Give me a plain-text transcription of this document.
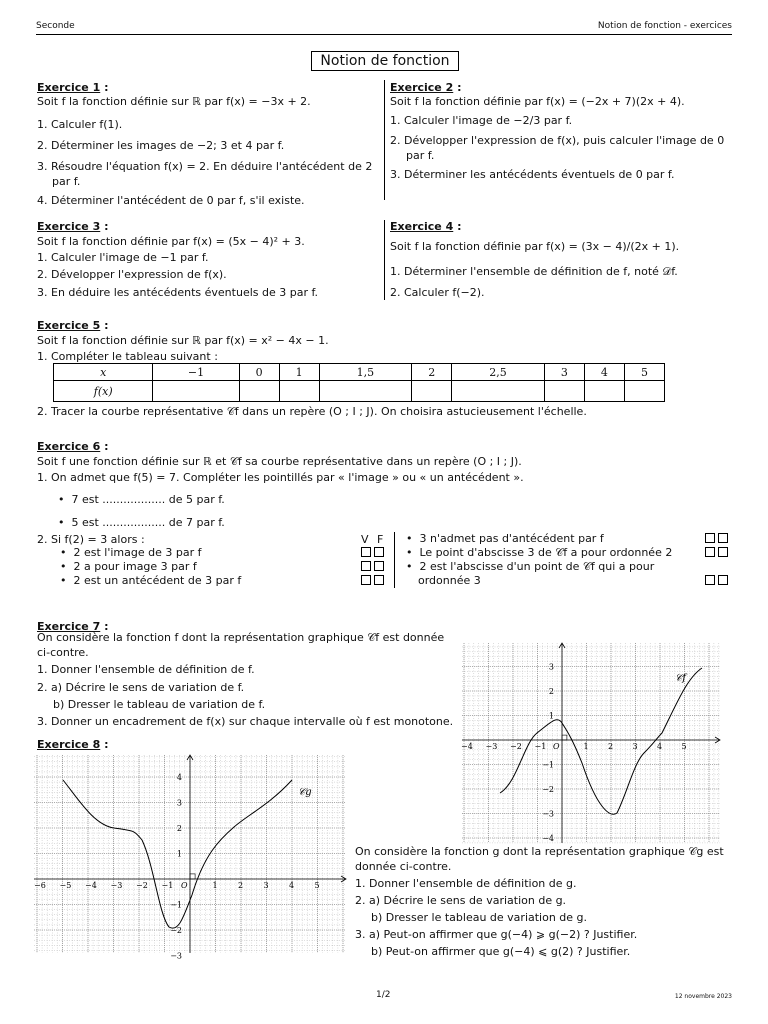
Seconde	Notion de fonction - exercices
Notion de fonction
Exercice 1 :
Soit f la fonction définie sur ℝ par f(x) = −3x + 2.
1. Calculer f(1).
2. Déterminer les images de −2; 3 et 4 par f.
3. Résoudre l'équation f(x) = 2. En déduire l'antécédent de 2
par f.
4. Déterminer l'antécédent de 0 par f, s'il existe.
Exercice 2 :
Soit f la fonction définie par f(x) = (−2x + 7)(2x + 4).
1. Calculer l'image de −2/3 par f.
2. Développer l'expression de f(x), puis calculer l'image de 0
par f.
3. Déterminer les antécédents éventuels de 0 par f.
Exercice 3 :
Soit f la fonction définie par f(x) = (5x − 4)² + 3.
1. Calculer l'image de −1 par f.
2. Développer l'expression de f(x).
3. En déduire les antécédents éventuels de 3 par f.
Exercice 4 :
Soit f la fonction définie par f(x) = (3x − 4)/(2x + 1).
1. Déterminer l'ensemble de définition de f, noté 𝒟f.
2. Calculer f(−2).
Exercice 5 :
Soit f la fonction définie sur ℝ par f(x) = x² − 4x − 1.
1. Compléter le tableau suivant :
x	−1	0	1	1,5	2	2,5	3	4	5
f(x)									
2. Tracer la courbe représentative 𝒞f dans un repère (O ; I ; J). On choisira astucieusement l'échelle.
Exercice 6 :
Soit f une fonction définie sur ℝ et 𝒞f sa courbe représentative dans un repère (O ; I ; J).
1. On admet que f(5) = 7. Compléter les pointillés par « l'image » ou « un antécédent ».
•  7 est .................. de 5 par f.
•  5 est .................. de 7 par f.
2. Si f(2) = 3 alors :	V F
•  2 est l'image de 3 par f
•  2 a pour image 3 par f
•  2 est un antécédent de 3 par f
•  3 n'admet pas d'antécédent par f
•  Le point d'abscisse 3 de 𝒞f a pour ordonnée 2
•  2 est l'abscisse d'un point de 𝒞f qui a pour
ordonnée 3
Exercice 7 :
On considère la fonction f dont la représentation graphique 𝒞f est donnée
ci-contre.
1. Donner l'ensemble de définition de f.
2. a) Décrire le sens de variation de f.
b) Dresser le tableau de variation de f.
3. Donner un encadrement de f(x) sur chaque intervalle où f est monotone.
−4 −3 −2 −1	1 2 3 4 5
3
2
1
−1
−2
−3
−4
O
𝒞f
Exercice 8 :
−6 −5 −4 −3 −2 −1	1	2	3	4	5
4
3
2
1
−1
−2
−3
O
𝒞g
On considère la fonction g dont la représentation graphique 𝒞g est
donnée ci-contre.
1. Donner l'ensemble de définition de g.
2. a) Décrire le sens de variation de g.
b) Dresser le tableau de variation de g.
3. a) Peut-on affirmer que g(−4) ⩾ g(−2) ? Justifier.
b) Peut-on affirmer que g(−4) ⩽ g(2) ? Justifier.
1/2	12 novembre 2023
